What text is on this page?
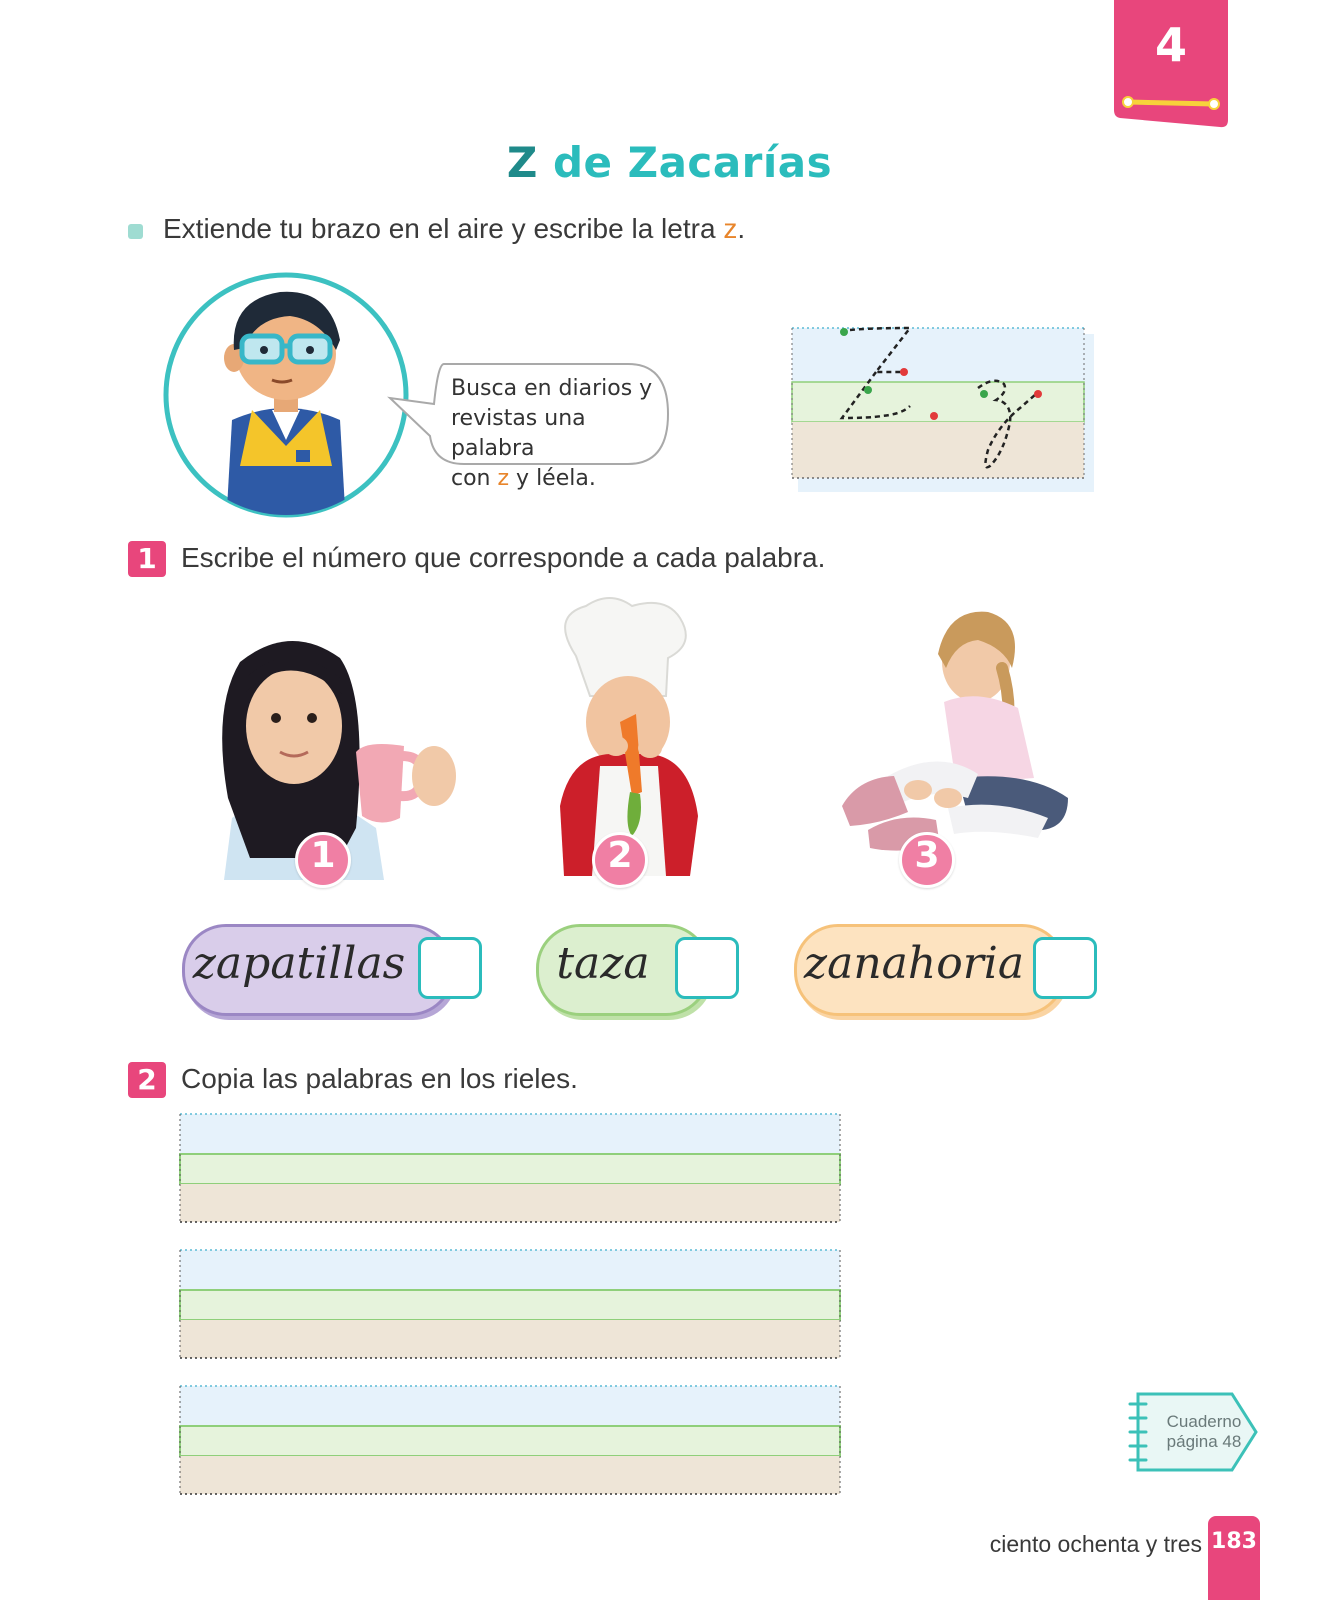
4
Z de Zacarías
Extiende tu brazo en el aire y escribe la letra z.
Busca en diarios y
revistas una palabra
con z y léela.
1 Escribe el número que corresponde a cada palabra.
1	2	3
zapatillas	taza	zanahoria
2 Copia las palabras en los rieles.
Cuaderno
página 48
ciento ochenta y tres 183
